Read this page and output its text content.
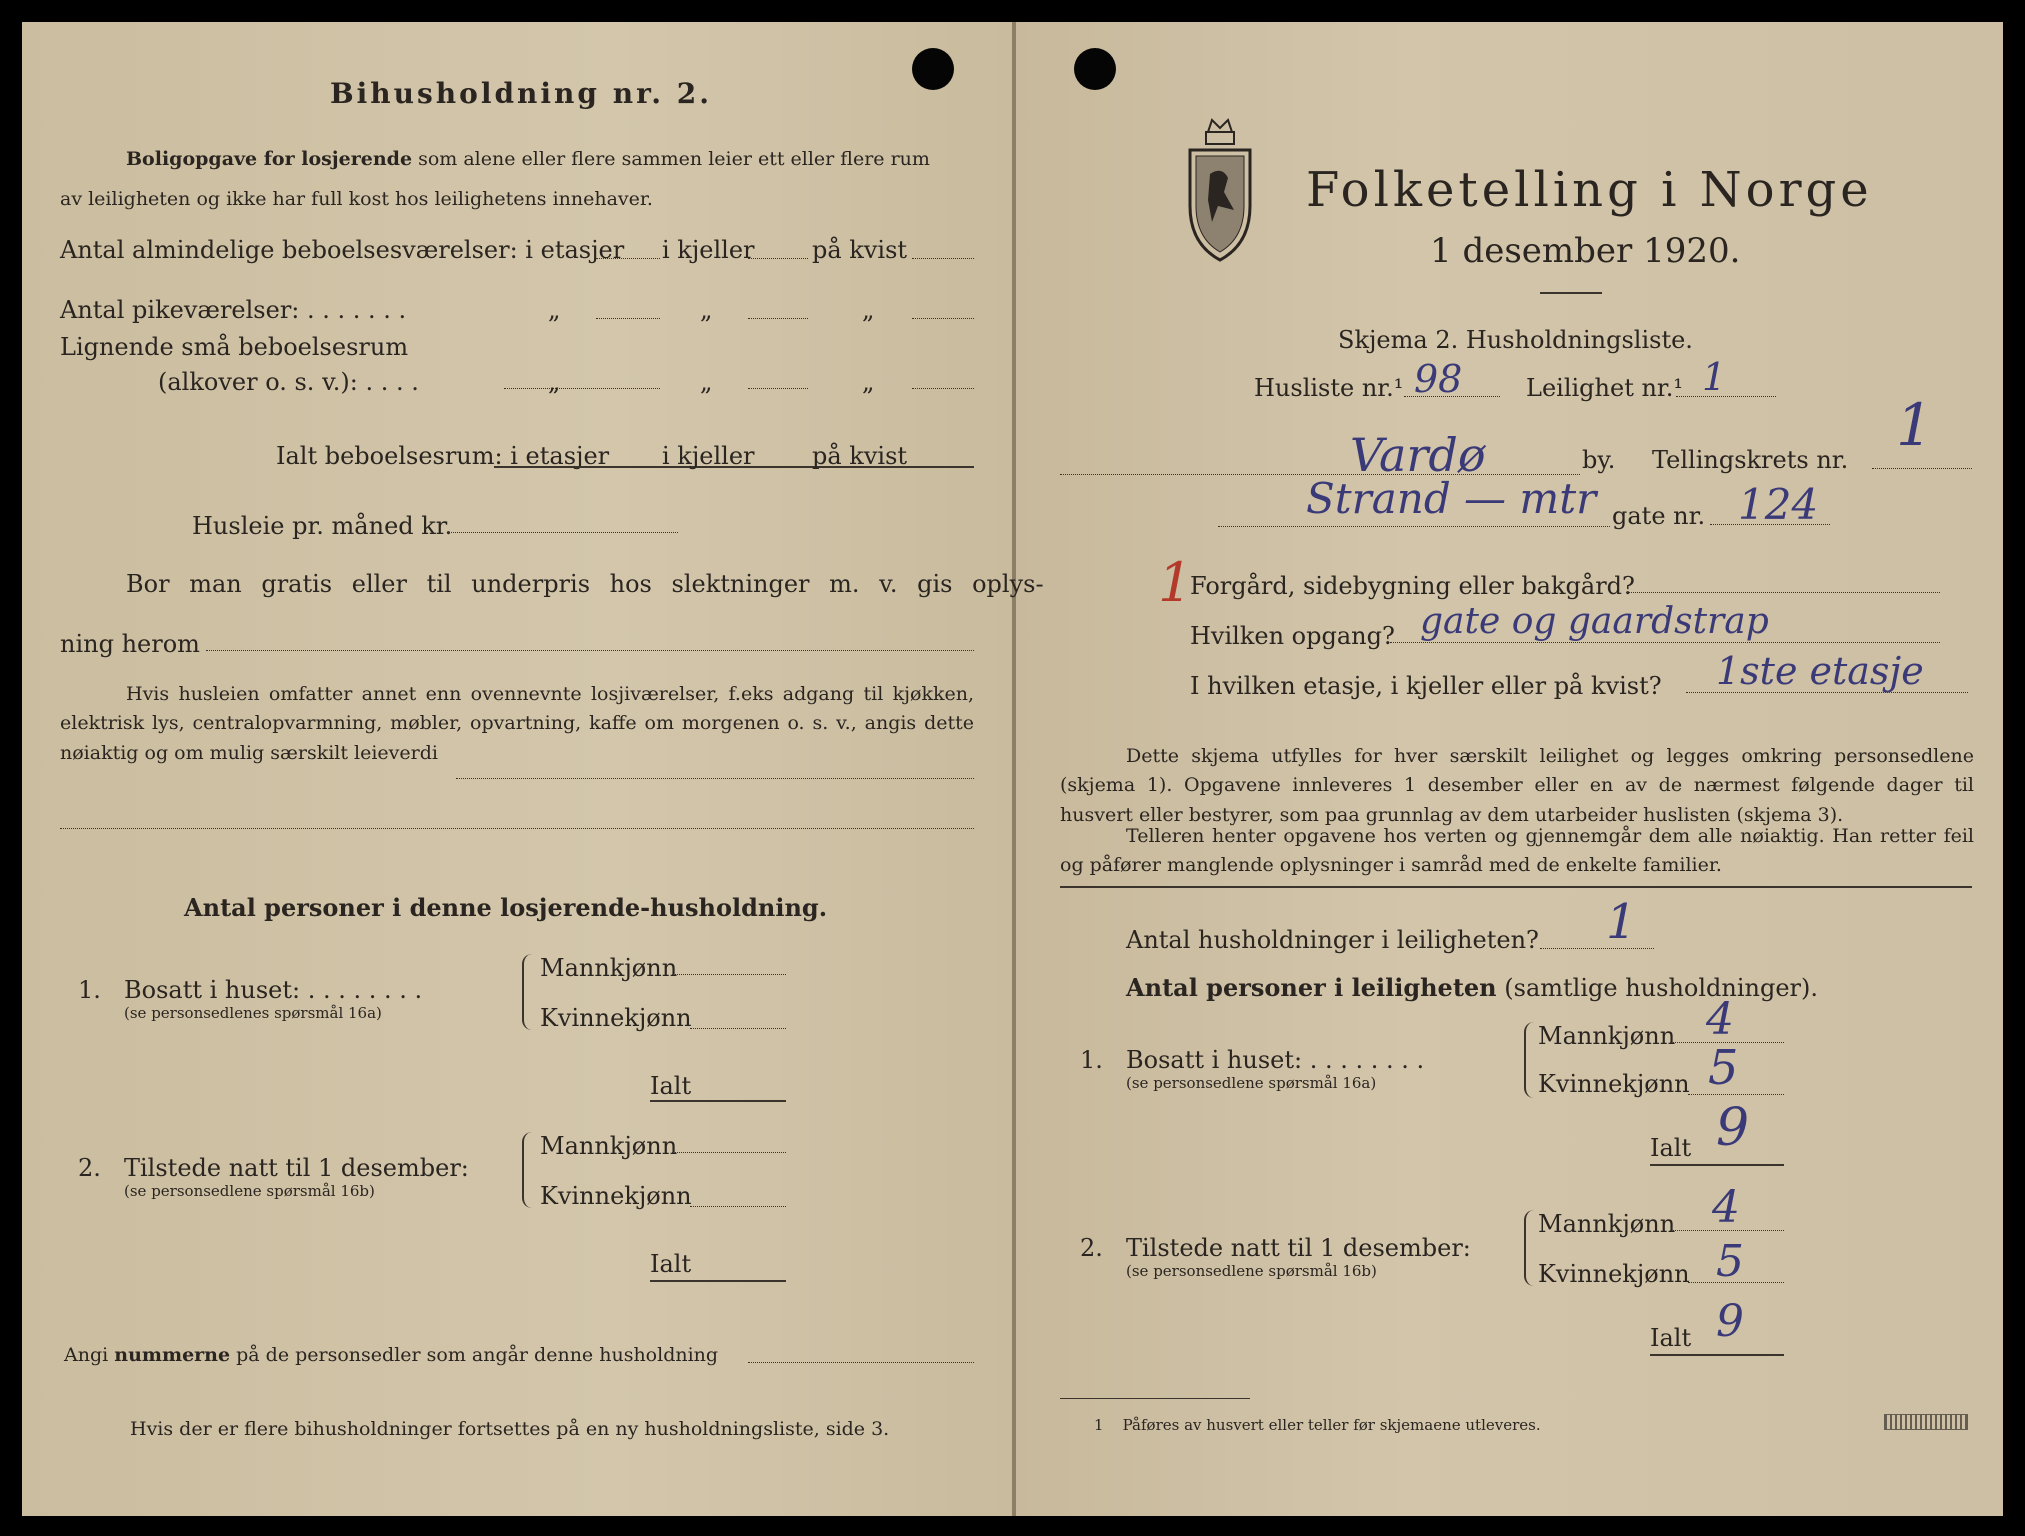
Bihusholdning nr. 2.
Boligopgave for losjerende som alene eller flere sammen leier ett eller flere rum
av leiligheten og ikke har full kost hos leilighetens innehaver.
Antal almindelige beboelsesværelser: i etasjer i kjeller på kvist
Antal pikeværelser: . . . . . . .	„	„	„
Lignende små beboelsesrum
(alkover o. s. v.): . . . .	„	„	„
Ialt beboelsesrum: i etasjer i kjeller på kvist
Husleie pr. måned kr.
Bor man gratis eller til underpris hos slektninger m. v. gis oplys-
ning herom
Hvis husleien omfatter annet enn ovennevnte losjiværelser, f.eks adgang til kjøkken, elektrisk lys, centralopvarmning, møbler, opvartning, kaffe om morgenen o. s. v., angis dette nøiaktig og om mulig særskilt leieverdi
Antal personer i denne losjerende-husholdning.
1. Bosatt i huset: . . . . . . . .
(se personsedlenes spørsmål 16a)
Mannkjønn
Kvinnekjønn
Ialt
2. Tilstede natt til 1 desember:
(se personsedlene spørsmål 16b)
Mannkjønn
Kvinnekjønn
Ialt
Angi nummerne på de personsedler som angår denne husholdning
Hvis der er flere bihusholdninger fortsettes på en ny husholdningsliste, side 3.
Folketelling i Norge
1 desember 1920.
Skjema 2. Husholdningsliste.
Husliste nr.¹ 98	Leilighet nr.¹ 1
Vardø	by. Tellingskrets nr.
1
Strand — mtr gate nr. 124
1
Forgård, sidebygning eller bakgård?
Hvilken opgang? gate og gaardstrap
I hvilken etasje, i kjeller eller på kvist? 1ste etasje
Dette skjema utfylles for hver særskilt leilighet og legges omkring personsedlene (skjema 1). Opgavene innleveres 1 desember eller en av de nærmest følgende dager til husvert eller bestyrer, som paa grunnlag av dem utarbeider huslisten (skjema 3).
Telleren henter opgavene hos verten og gjennemgår dem alle nøiaktig. Han retter feil og påfører manglende oplysninger i samråd med de enkelte familier.
Antal husholdninger i leiligheten? 1
Antal personer i leiligheten (samtlige husholdninger).
1. Bosatt i huset: . . . . . . . .
(se personsedlene spørsmål 16a)
Mannkjønn 4
Kvinnekjønn 5
Ialt 9
2. Tilstede natt til 1 desember:
(se personsedlene spørsmål 16b)
Mannkjønn 4
Kvinnekjønn 5
Ialt 9
1 Påføres av husvert eller teller før skjemaene utleveres.
